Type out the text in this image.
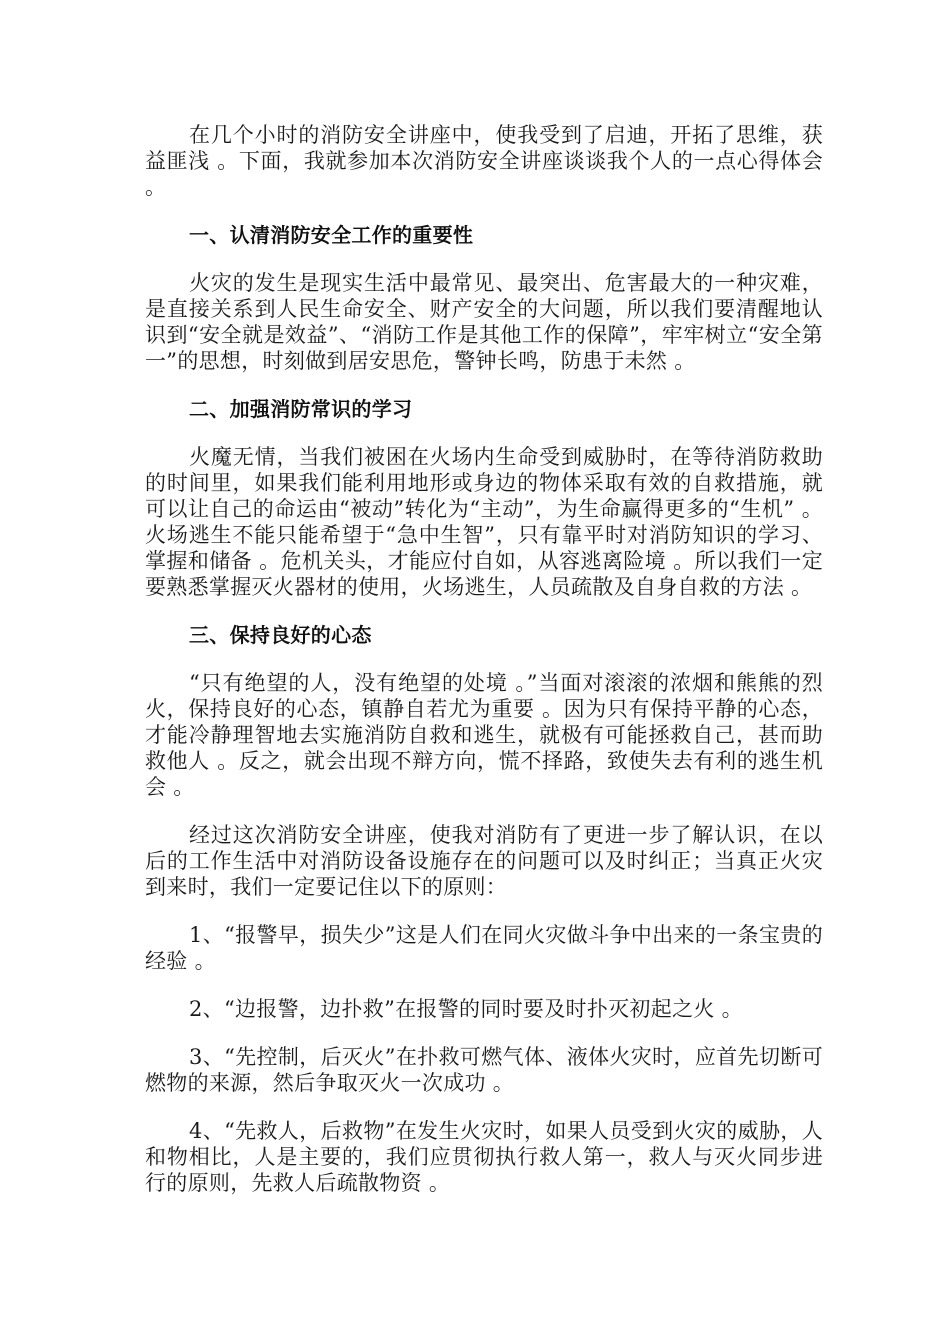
在几个小时的消防安全讲座中，使我受到了启迪，开拓了思维，获益匪浅 。下面，我就参加本次消防安全讲座谈谈我个人的一点心得体会 。

一、认清消防安全工作的重要性

火灾的发生是现实生活中最常见、最突出、危害最大的一种灾难，是直接关系到人民生命安全、财产安全的大问题，所以我们要清醒地认识到“安全就是效益”、“消防工作是其他工作的保障”，牢牢树立“安全第一”的思想，时刻做到居安思危，警钟长鸣，防患于未然 。

二、加强消防常识的学习

火魔无情，当我们被困在火场内生命受到威胁时，在等待消防救助的时间里，如果我们能利用地形或身边的物体采取有效的自救措施，就可以让自己的命运由“被动”转化为“主动”，为生命赢得更多的“生机” 。火场逃生不能只能希望于“急中生智”，只有靠平时对消防知识的学习、掌握和储备 。危机关头，才能应付自如，从容逃离险境 。所以我们一定要熟悉掌握灭火器材的使用，火场逃生，人员疏散及自身自救的方法 。

三、保持良好的心态

“只有绝望的人，没有绝望的处境 。”当面对滚滚的浓烟和熊熊的烈火，保持良好的心态，镇静自若尤为重要 。因为只有保持平静的心态，才能冷静理智地去实施消防自救和逃生，就极有可能拯救自己，甚而助救他人 。反之，就会出现不辩方向，慌不择路，致使失去有利的逃生机会 。

经过这次消防安全讲座，使我对消防有了更进一步了解认识，在以后的工作生活中对消防设备设施存在的问题可以及时纠正；当真正火灾到来时，我们一定要记住以下的原则：

1、“报警早，损失少”这是人们在同火灾做斗争中出来的一条宝贵的经验 。

2、“边报警，边扑救”在报警的同时要及时扑灭初起之火 。

3、“先控制，后灭火”在扑救可燃气体、液体火灾时，应首先切断可燃物的来源，然后争取灭火一次成功 。

4、“先救人，后救物”在发生火灾时，如果人员受到火灾的威胁，人和物相比，人是主要的，我们应贯彻执行救人第一，救人与灭火同步进行的原则，先救人后疏散物资 。
